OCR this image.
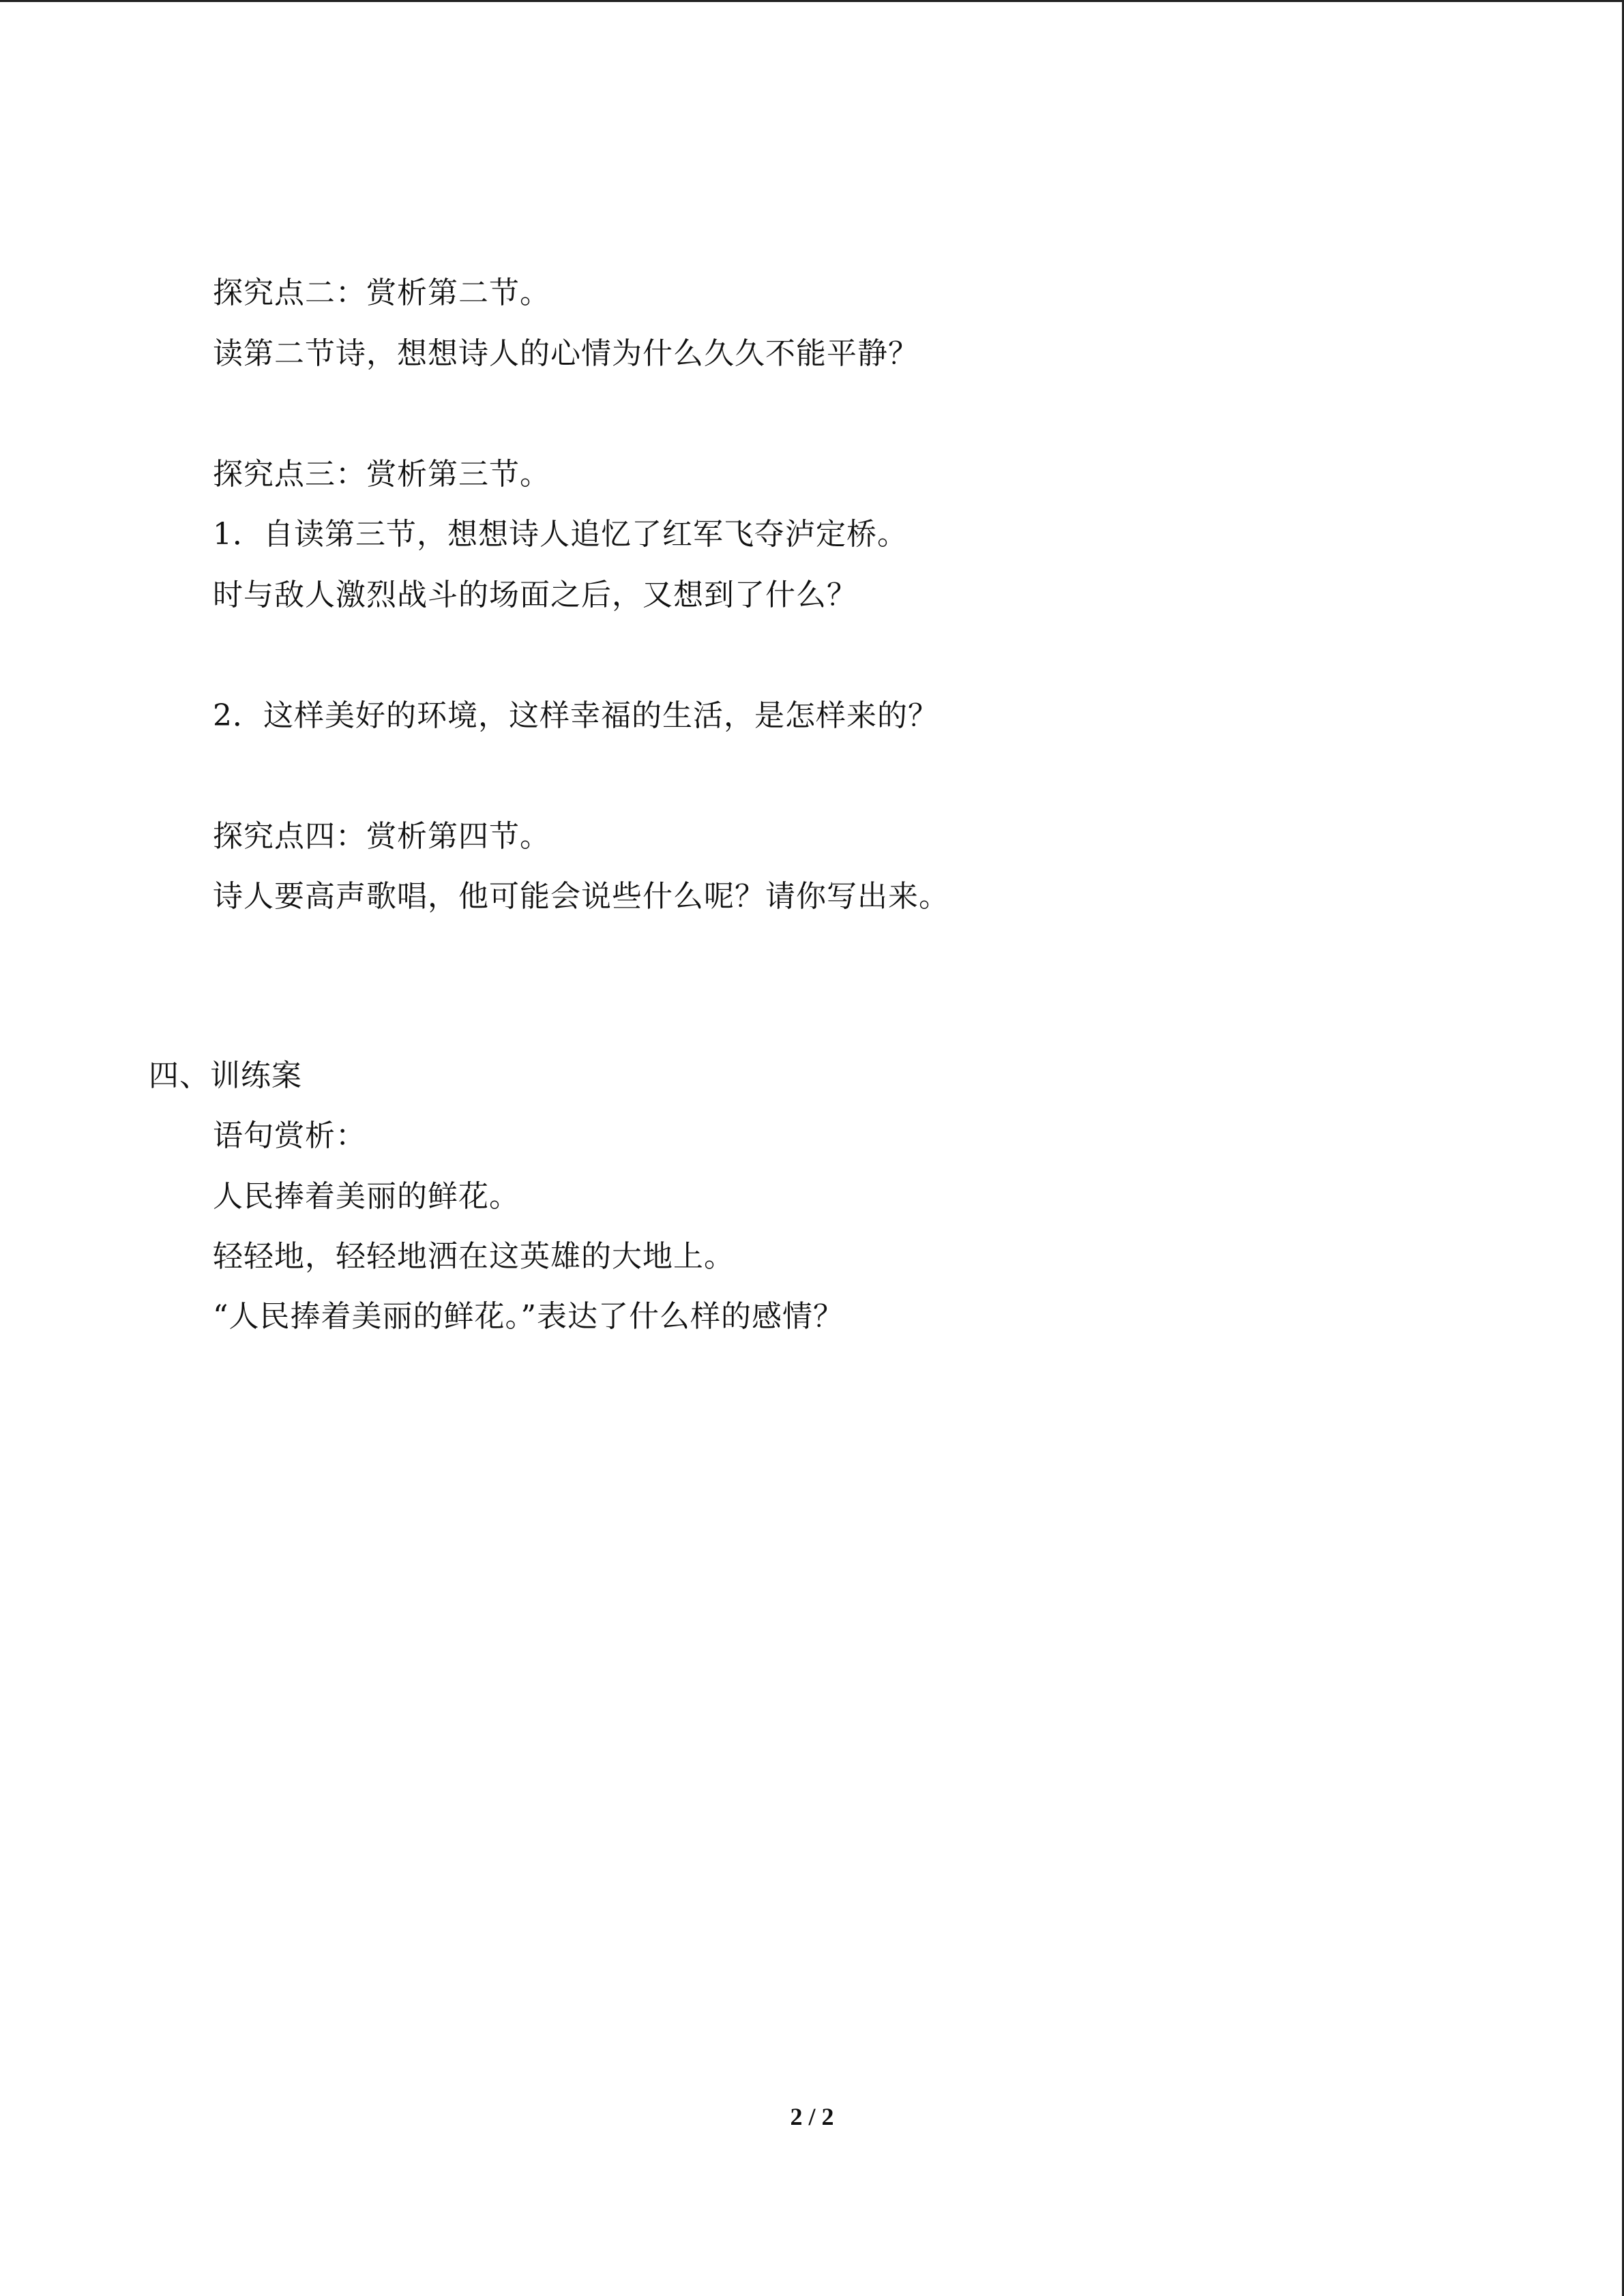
探究点二：赏析第二节。
读第二节诗，想想诗人的心情为什么久久不能平静？
探究点三：赏析第三节。
1．自读第三节，想想诗人追忆了红军飞夺泸定桥。
时与敌人激烈战斗的场面之后，又想到了什么？
2．这样美好的环境，这样幸福的生活，是怎样来的？
探究点四：赏析第四节。
诗人要高声歌唱，他可能会说些什么呢？请你写出来。
四、训练案
语句赏析：
人民捧着美丽的鲜花。
轻轻地，轻轻地洒在这英雄的大地上。
“人民捧着美丽的鲜花。”表达了什么样的感情？
2 / 2
